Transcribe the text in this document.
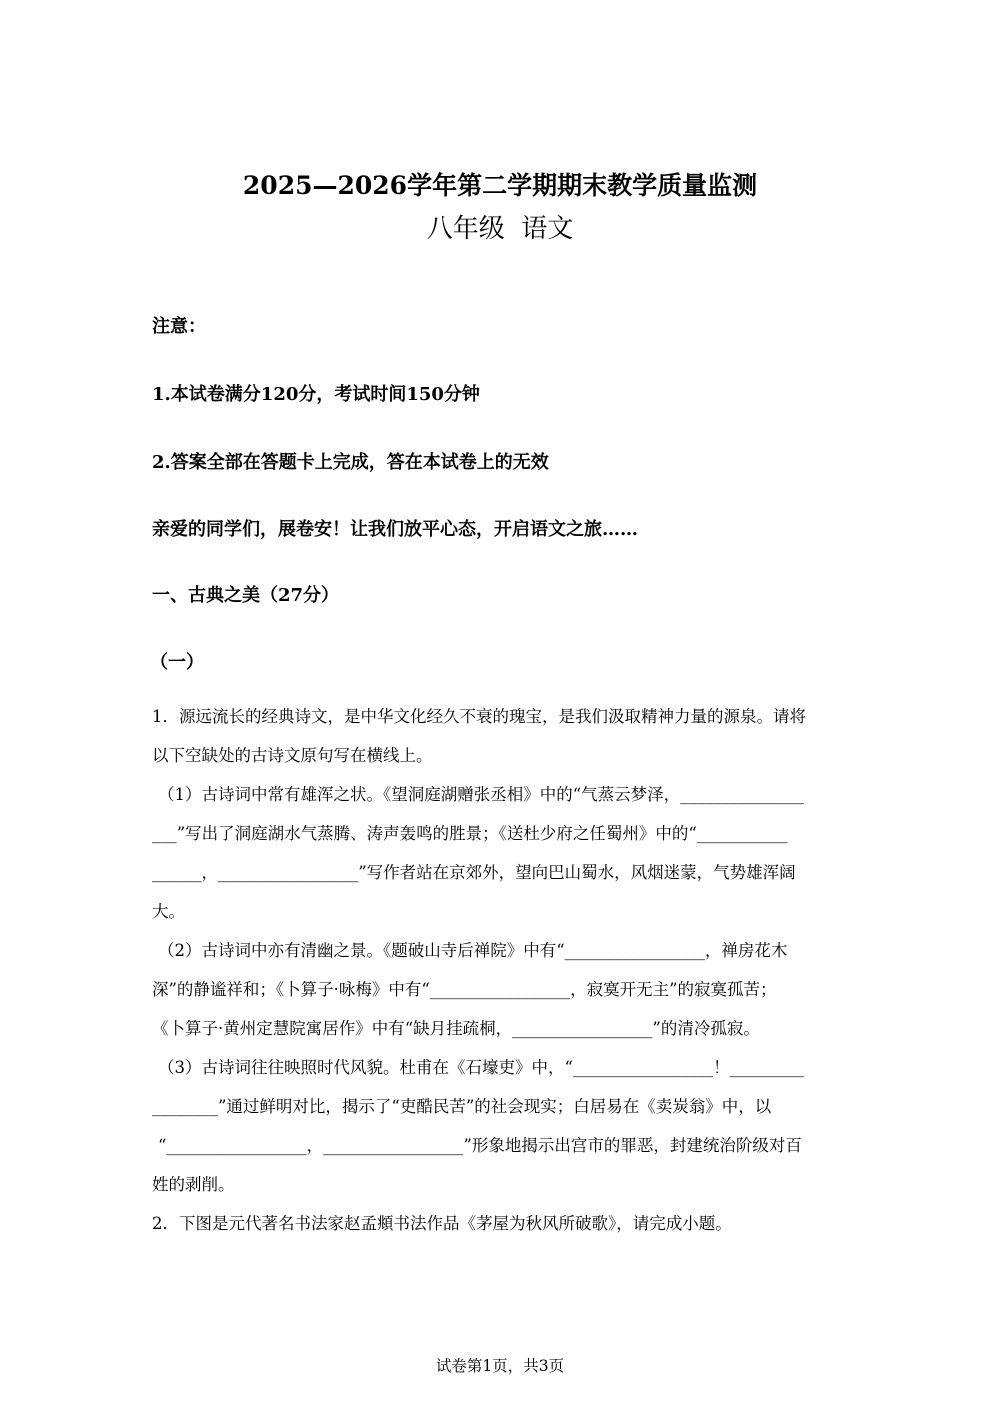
2025—2026学年第二学期期末教学质量监测
八年级  语文
注意：
1.本试卷满分120分，考试时间150分钟
2.答案全部在答题卡上完成，答在本试卷上的无效
亲爱的同学们，展卷安！让我们放平心态，开启语文之旅……
一、古典之美（27分）
（一）

1．源远流长的经典诗文，是中华文化经久不衰的瑰宝，是我们汲取精神力量的源泉。请将

以下空缺处的古诗文原句写在横线上。

（1）古诗词中常有雄浑之状。《望洞庭湖赠张丞相》中的“气蒸云梦泽，_______________

___”写出了洞庭湖水气蒸腾、涛声轰鸣的胜景；《送杜少府之任蜀州》中的“___________

______，_________________”写作者站在京郊外，望向巴山蜀水，风烟迷蒙，气势雄浑阔

大。

（2）古诗词中亦有清幽之景。《题破山寺后禅院》中有“_________________，禅房花木

深”的静谧祥和；《卜算子·咏梅》中有“_________________，寂寞开无主”的寂寞孤苦；

《卜算子·黄州定慧院寓居作》中有“缺月挂疏桐，_________________”的清冷孤寂。

（3）古诗词往往映照时代风貌。杜甫在《石壕吏》中，“_________________！_________

________”通过鲜明对比，揭示了“吏酷民苦”的社会现实；白居易在《卖炭翁》中，以

“_________________，_________________”形象地揭示出宫市的罪恶，封建统治阶级对百

姓的剥削。

2．下图是元代著名书法家赵孟頫书法作品《茅屋为秋风所破歌》，请完成小题。

试卷第1页，共3页
